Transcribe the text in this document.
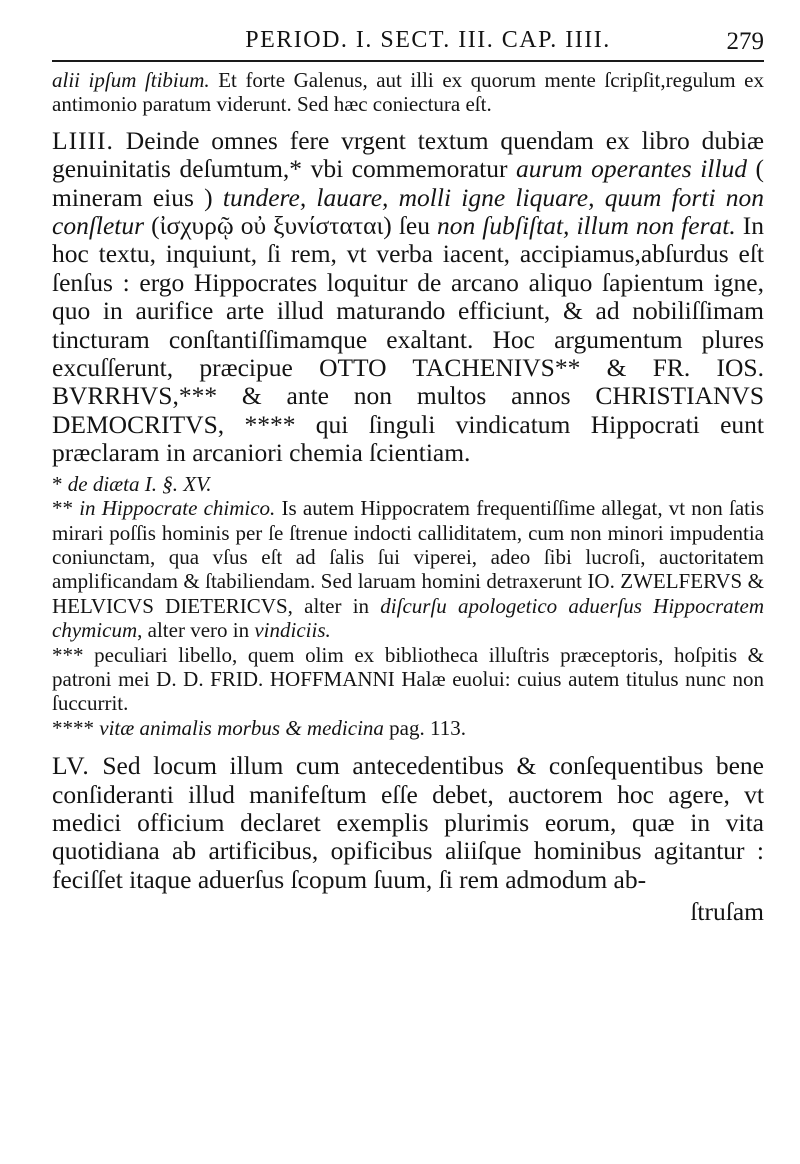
PERIOD. I. SECT. III. CAP. IIII.	279

alii ipſum ſtibium. Et forte Galenus, aut illi ex quorum mente ſcripſit,regulum ex antimonio paratum viderunt. Sed hæc coniectura eſt.

LIIII. Deinde omnes fere vrgent textum quendam ex libro dubiæ genuinitatis deſumtum,* vbi commemoratur aurum operantes illud ( mineram eius ) tundere, lauare, molli igne liquare, quum forti non conſletur (ἰσχυρῷ οὐ ξυνίσταται) ſeu non ſubſiſtat, illum non ferat. In hoc textu, inquiunt, ſi rem, vt verba iacent, accipiamus,abſurdus eſt ſenſus : ergo Hippocrates loquitur de arcano aliquo ſapientum igne, quo in aurifice arte illud maturando efficiunt, & ad nobiliſſimam tincturam conſtantiſſimamque exaltant. Hoc argumentum plures excuſſerunt, præcipue OTTO TACHENIVS** & FR. IOS. BVRRHVS,*** & ante non multos annos CHRISTIANVS DEMOCRITVS, **** qui ſinguli vindicatum Hippocrati eunt præclaram in arcaniori chemia ſcientiam.

* de diæta I. §. XV.

** in Hippocrate chimico. Is autem Hippocratem frequentiſſime allegat, vt non ſatis mirari poſſis hominis per ſe ſtrenue indocti calliditatem, cum non minori impudentia coniunctam, qua vſus eſt ad ſalis ſui viperei, adeo ſibi lucroſi, auctoritatem amplificandam & ſtabiliendam. Sed laruam homini detraxerunt IO. ZWELFERVS & HELVICVS DIETERICVS, alter in diſcurſu apologetico aduerſus Hippocratem chymicum, alter vero in vindiciis.

*** peculiari libello, quem olim ex bibliotheca illuſtris præceptoris, hoſpitis & patroni mei D. D. FRID. HOFFMANNI Halæ euolui: cuius autem titulus nunc non ſuccurrit.

**** vitæ animalis morbus & medicina pag. 113.

LV. Sed locum illum cum antecedentibus & conſequentibus bene conſideranti illud manifeſtum eſſe debet, auctorem hoc agere, vt medici officium declaret exemplis plurimis eorum, quæ in vita quotidiana ab artificibus, opificibus aliiſque hominibus agitantur : feciſſet itaque aduerſus ſcopum ſuum, ſi rem admodum ab-

ſtruſam
